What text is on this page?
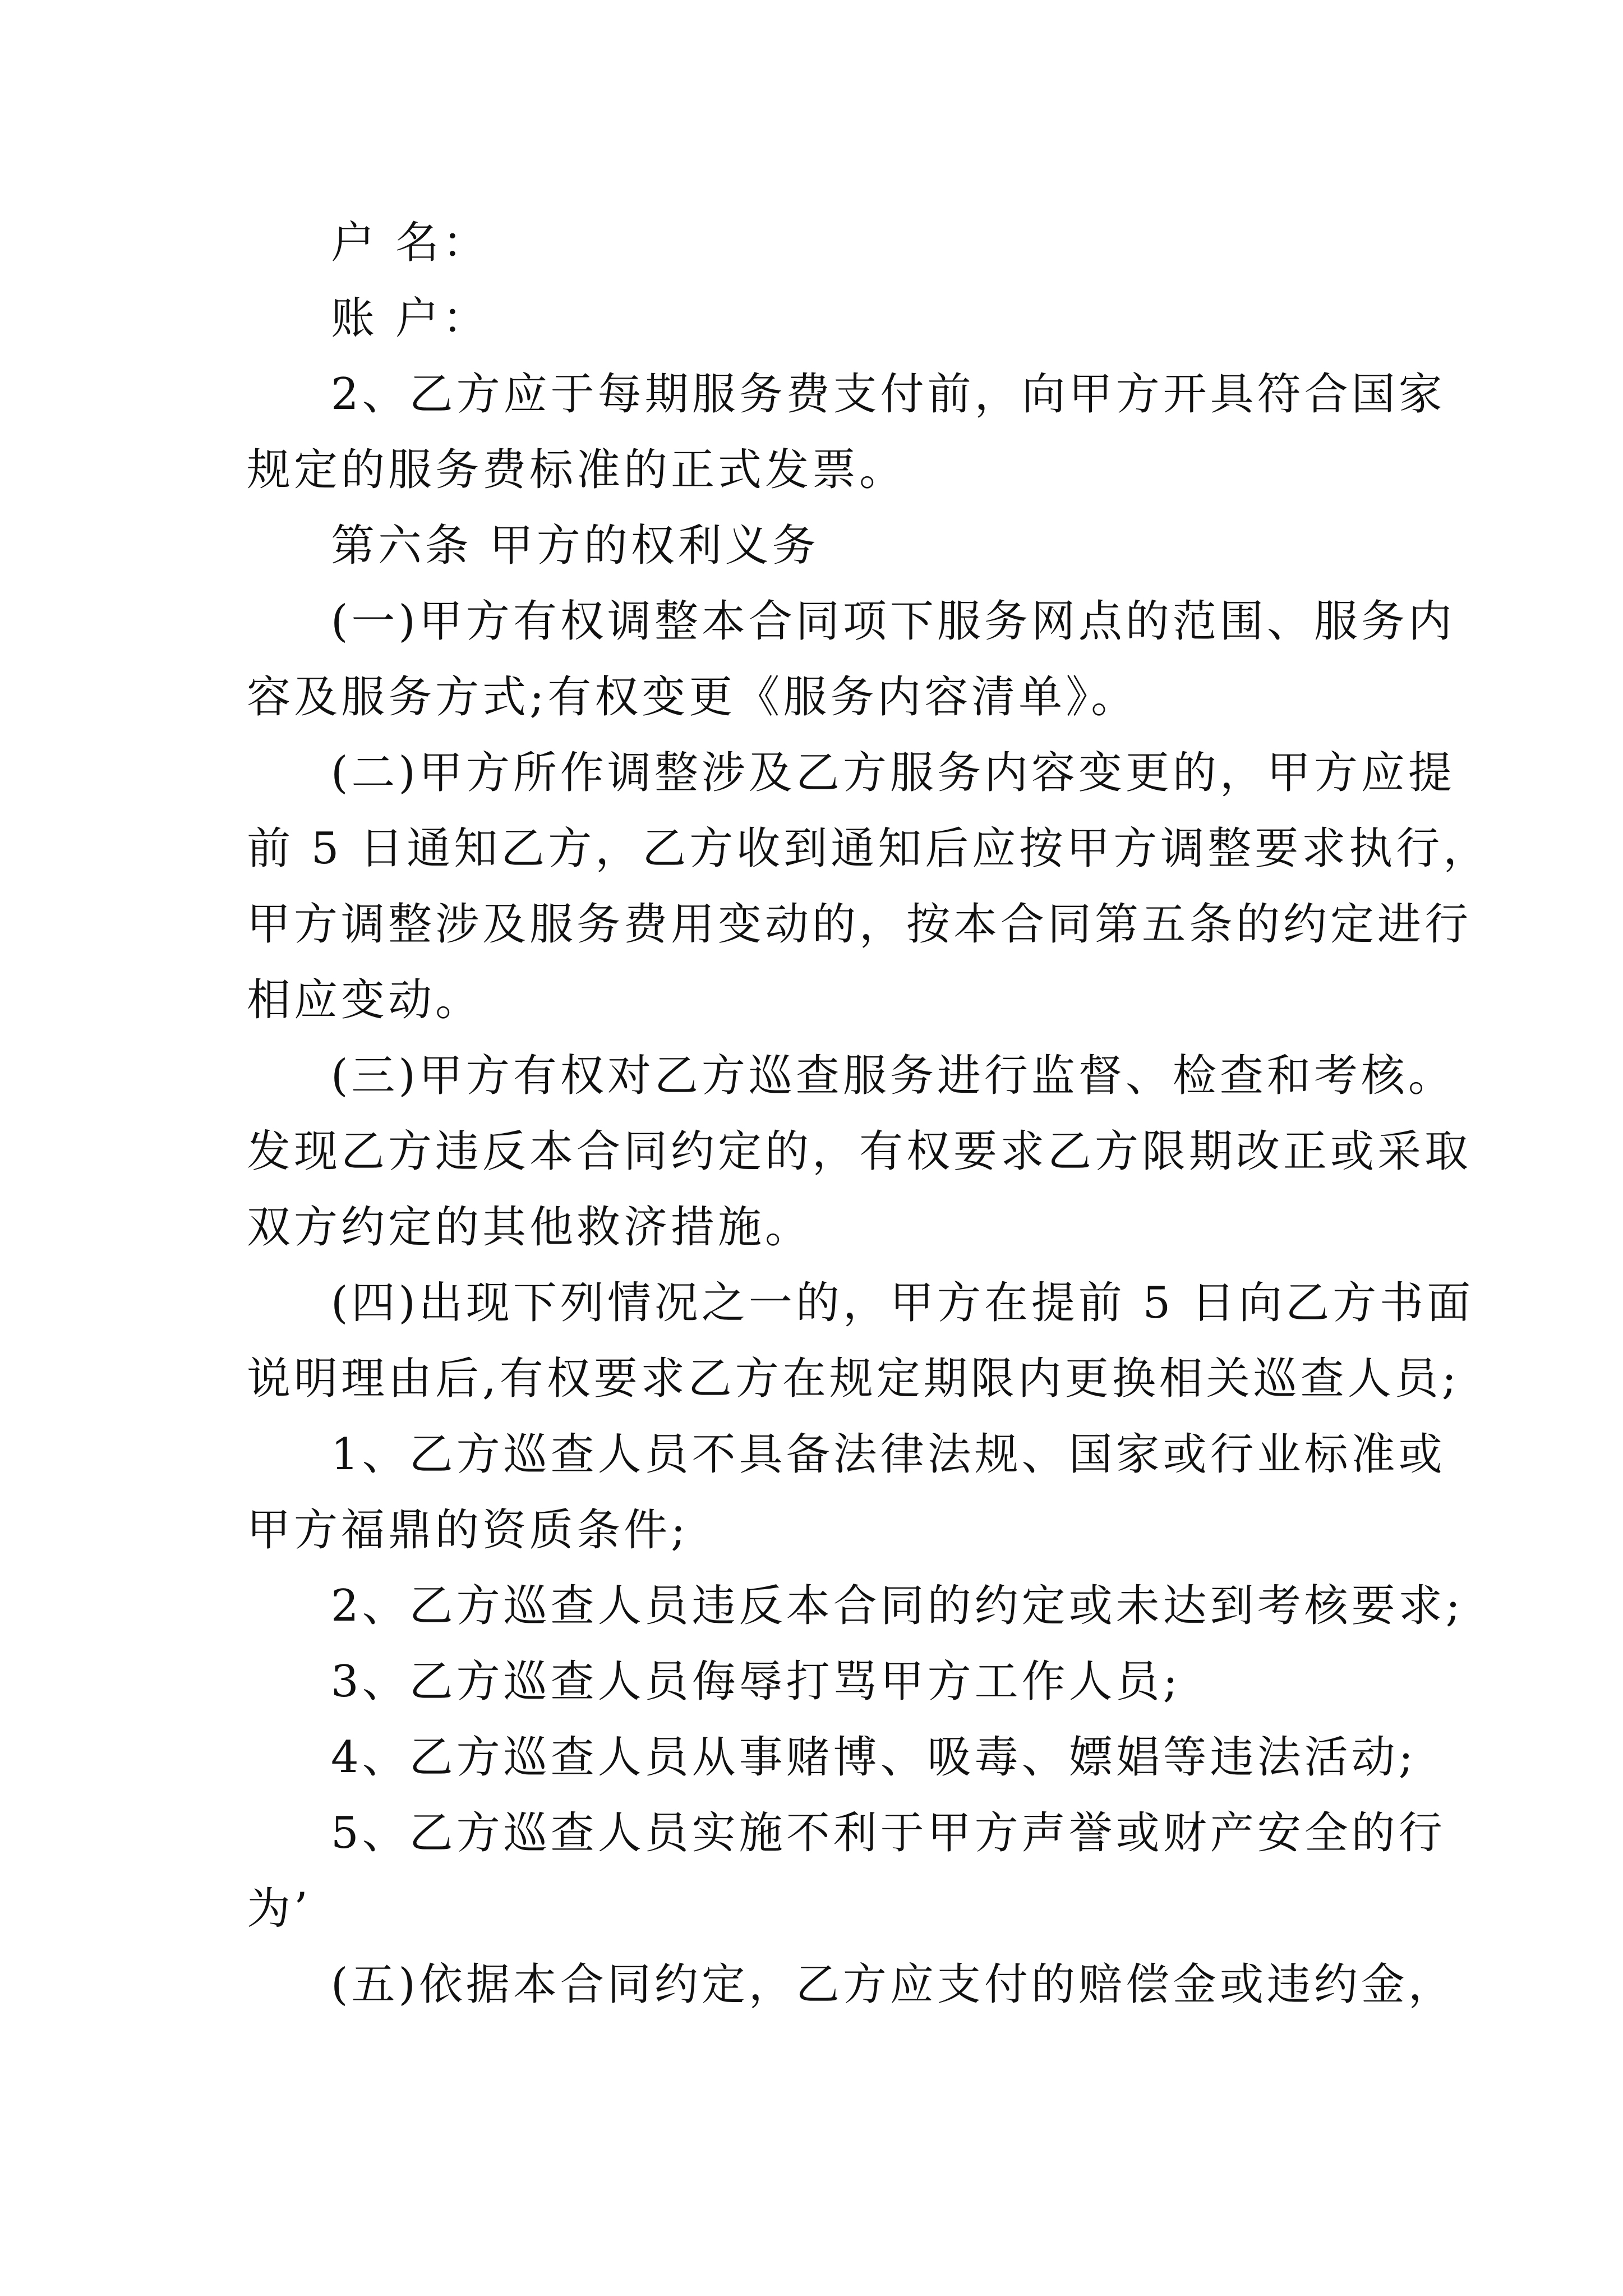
户 名：
账 户：
2、乙方应于每期服务费支付前，向甲方开具符合国家
规定的服务费标准的正式发票。
第六条 甲方的权利义务
(一)甲方有权调整本合同项下服务网点的范围、服务内
容及服务方式;有权变更《服务内容清单》。
(二)甲方所作调整涉及乙方服务内容变更的，甲方应提
前 5 日通知乙方，乙方收到通知后应按甲方调整要求执行，
甲方调整涉及服务费用变动的，按本合同第五条的约定进行
相应变动。
(三)甲方有权对乙方巡查服务进行监督、检查和考核。
发现乙方违反本合同约定的，有权要求乙方限期改正或采取
双方约定的其他救济措施。
(四)出现下列情况之一的，甲方在提前 5 日向乙方书面
说明理由后,有权要求乙方在规定期限内更换相关巡查人员;
1、乙方巡查人员不具备法律法规、国家或行业标准或
甲方福鼎的资质条件;
2、乙方巡查人员违反本合同的约定或未达到考核要求;
3、乙方巡查人员侮辱打骂甲方工作人员;
4、乙方巡查人员从事赌博、吸毒、嫖娼等违法活动;
5、乙方巡查人员实施不利于甲方声誉或财产安全的行
为’
(五)依据本合同约定，乙方应支付的赔偿金或违约金，
